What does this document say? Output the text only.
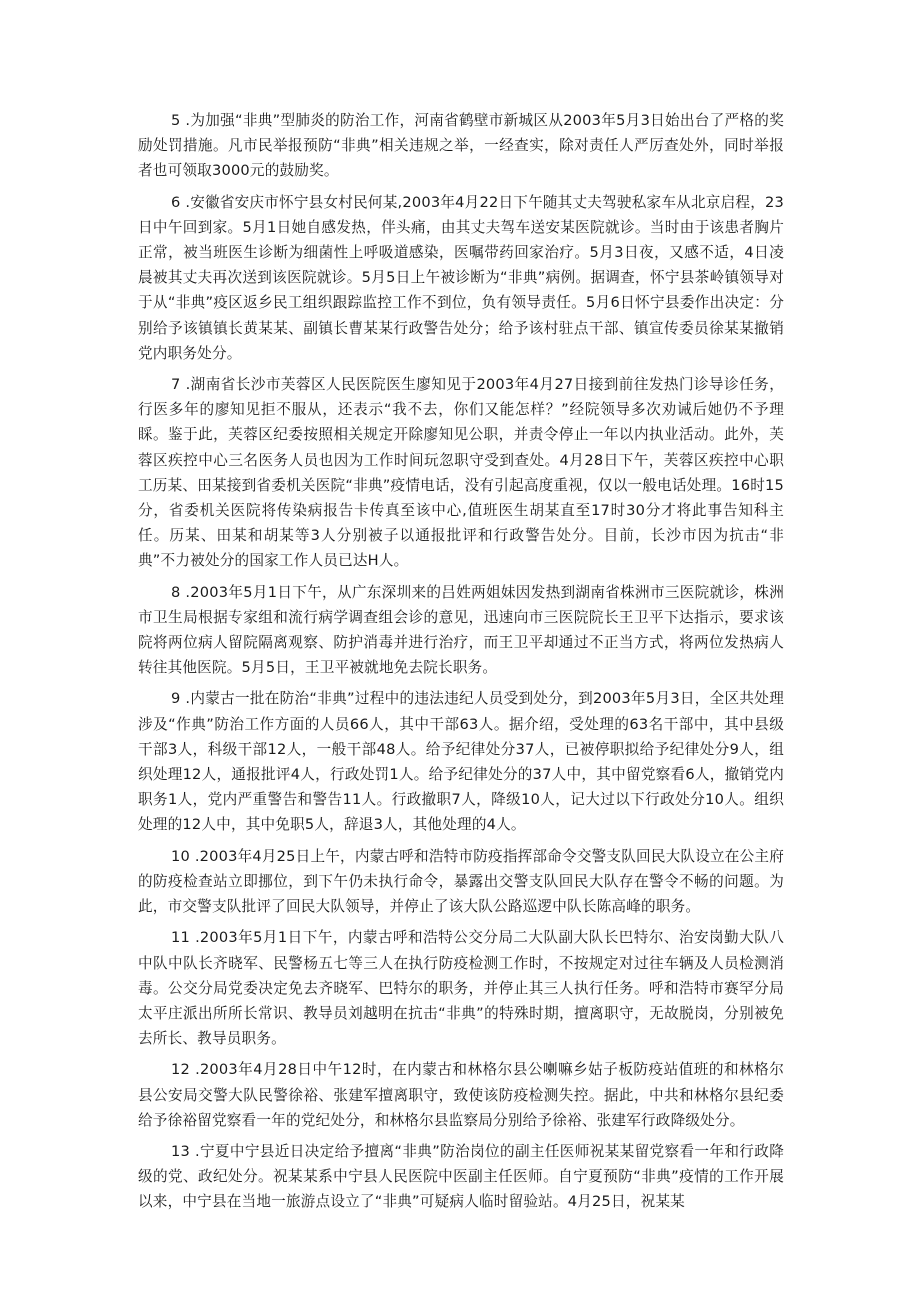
5 .为加强“非典”型肺炎的防治工作，河南省鹤壁市新城区从2003年5月3日始出台了严格的奖励处罚措施。凡市民举报预防“非典”相关违规之举，一经查实，除对责任人严厉查处外，同时举报者也可领取3000元的鼓励奖。

6 .安徽省安庆市怀宁县女村民何某,2003年4月22日下午随其丈夫驾驶私家车从北京启程，23日中午回到家。5月1日她自感发热，伴头痛，由其丈夫驾车送安某医院就诊。当时由于该患者胸片正常，被当班医生诊断为细菌性上呼吸道感染，医嘱带药回家治疗。5月3日夜，又感不适，4日凌晨被其丈夫再次送到该医院就诊。5月5日上午被诊断为“非典”病例。据调查，怀宁县茶岭镇领导对于从“非典”疫区返乡民工组织跟踪监控工作不到位，负有领导责任。5月6日怀宁县委作出决定：分别给予该镇镇长黄某某、副镇长曹某某行政警告处分；给予该村驻点干部、镇宣传委员徐某某撤销党内职务处分。

7 .湖南省长沙市芙蓉区人民医院医生廖知见于2003年4月27日接到前往发热门诊导诊任务，行医多年的廖知见拒不服从，还表示“我不去，你们又能怎样？”经院领导多次劝诫后她仍不予理睬。鉴于此，芙蓉区纪委按照相关规定开除廖知见公职，并责令停止一年以内执业活动。此外，芙蓉区疾控中心三名医务人员也因为工作时间玩忽职守受到查处。4月28日下午，芙蓉区疾控中心职工历某、田某接到省委机关医院“非典”疫情电话，没有引起高度重视，仅以一般电话处理。16时15分，省委机关医院将传染病报告卡传真至该中心,值班医生胡某直至17时30分才将此事告知科主任。历某、田某和胡某等3人分别被子以通报批评和行政警告处分。目前，长沙市因为抗击“非典”不力被处分的国家工作人员已达H人。

8 .2003年5月1日下午，从广东深圳来的吕姓两姐妹因发热到湖南省株洲市三医院就诊，株洲市卫生局根据专家组和流行病学调查组会诊的意见，迅速向市三医院院长王卫平下达指示，要求该院将两位病人留院隔离观察、防护消毒并进行治疗，而王卫平却通过不正当方式，将两位发热病人转往其他医院。5月5日，王卫平被就地免去院长职务。

9 .内蒙古一批在防治“非典”过程中的违法违纪人员受到处分，到2003年5月3日，全区共处理涉及“作典”防治工作方面的人员66人，其中干部63人。据介绍，受处理的63名干部中，其中县级干部3人，科级干部12人，一般干部48人。给予纪律处分37人，已被停职拟给予纪律处分9人，组织处理12人，通报批评4人，行政处罚1人。给予纪律处分的37人中，其中留党察看6人，撤销党内职务1人，党内严重警告和警告11人。行政撤职7人，降级10人，记大过以下行政处分10人。组织处理的12人中，其中免职5人，辞退3人，其他处理的4人。

10 .2003年4月25日上午，内蒙古呼和浩特市防疫指挥部命令交警支队回民大队设立在公主府的防疫检查站立即挪位，到下午仍未执行命令，暴露出交警支队回民大队存在警令不畅的问题。为此，市交警支队批评了回民大队领导，并停止了该大队公路巡逻中队长陈高峰的职务。

11 .2003年5月1日下午，内蒙古呼和浩特公交分局二大队副大队长巴特尔、治安岗勤大队八中队中队长齐晓军、民警杨五七等三人在执行防疫检测工作时，不按规定对过往车辆及人员检测消毒。公交分局党委决定免去齐晓军、巴特尔的职务，并停止其三人执行任务。呼和浩特市赛罕分局太平庄派出所所长常识、教导员刘越明在抗击“非典”的特殊时期，擅离职守，无故脱岗，分别被免去所长、教导员职务。

12 .2003年4月28日中午12时，在内蒙古和林格尔县公喇嘛乡姑子板防疫站值班的和林格尔县公安局交警大队民警徐裕、张建军擅离职守，致使该防疫检测失控。据此，中共和林格尔县纪委给予徐裕留党察看一年的党纪处分，和林格尔县监察局分别给予徐裕、张建军行政降级处分。

13 .宁夏中宁县近日决定给予擅离“非典”防治岗位的副主任医师祝某某留党察看一年和行政降级的党、政纪处分。祝某某系中宁县人民医院中医副主任医师。自宁夏预防“非典”疫情的工作开展以来，中宁县在当地一旅游点设立了“非典”可疑病人临时留验站。4月25日，祝某某
